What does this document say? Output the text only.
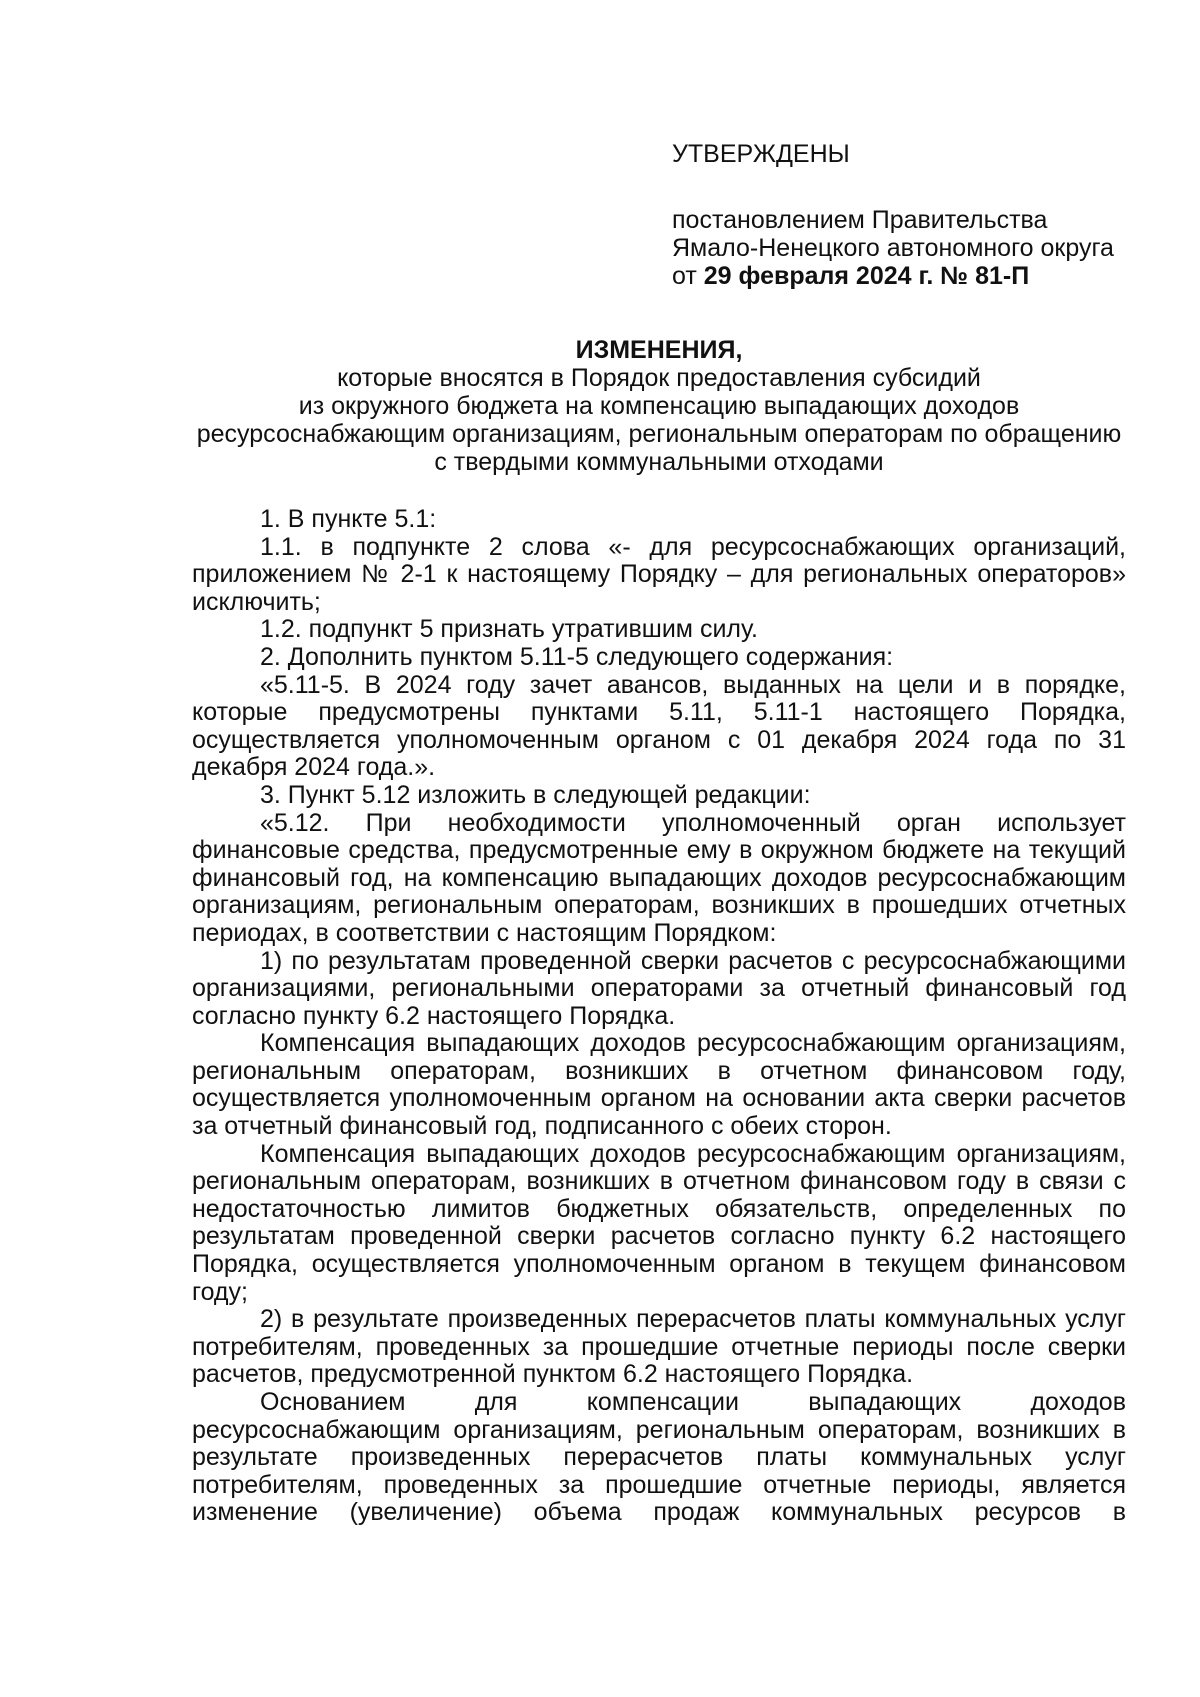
УТВЕРЖДЕНЫ
постановлением Правительства
Ямало-Ненецкого автономного округа
от 29 февраля 2024 г. № 81-П
ИЗМЕНЕНИЯ,
которые вносятся в Порядок предоставления субсидий
из окружного бюджета на компенсацию выпадающих доходов
ресурсоснабжающим организациям, региональным операторам по обращению
с твердыми коммунальными отходами

1. В пункте 5.1:

1.1. в подпункте 2 слова «- для ресурсоснабжающих организаций, приложением № 2-1 к настоящему Порядку – для региональных операторов» исключить;

1.2. подпункт 5 признать утратившим силу.

2. Дополнить пунктом 5.11-5 следующего содержания:

«5.11-5. В 2024 году зачет авансов, выданных на цели и в порядке, которые предусмотрены пунктами 5.11, 5.11-1 настоящего Порядка, осуществляется уполномоченным органом с 01 декабря 2024 года по 31 декабря 2024 года.».

3. Пункт 5.12 изложить в следующей редакции:

«5.12. При необходимости уполномоченный орган использует финансовые средства, предусмотренные ему в окружном бюджете на текущий финансовый год, на компенсацию выпадающих доходов ресурсоснабжающим организациям, региональным операторам, возникших в прошедших отчетных периодах, в соответствии с настоящим Порядком:

1) по результатам проведенной сверки расчетов с ресурсоснабжающими организациями, региональными операторами за отчетный финансовый год согласно пункту 6.2 настоящего Порядка.

Компенсация выпадающих доходов ресурсоснабжающим организациям, региональным операторам, возникших в отчетном финансовом году, осуществляется уполномоченным органом на основании акта сверки расчетов за отчетный финансовый год, подписанного с обеих сторон.

Компенсация выпадающих доходов ресурсоснабжающим организациям, региональным операторам, возникших в отчетном финансовом году в связи с недостаточностью лимитов бюджетных обязательств, определенных по результатам проведенной сверки расчетов согласно пункту 6.2 настоящего Порядка, осуществляется уполномоченным органом в текущем финансовом году;

2) в результате произведенных перерасчетов платы коммунальных услуг потребителям, проведенных за прошедшие отчетные периоды после сверки расчетов, предусмотренной пунктом 6.2 настоящего Порядка.

Основанием для компенсации выпадающих доходов ресурсоснабжающим организациям, региональным операторам, возникших в результате произведенных перерасчетов платы коммунальных услуг потребителям, проведенных за прошедшие отчетные периоды, является изменение (увеличение) объема продаж коммунальных ресурсов в
